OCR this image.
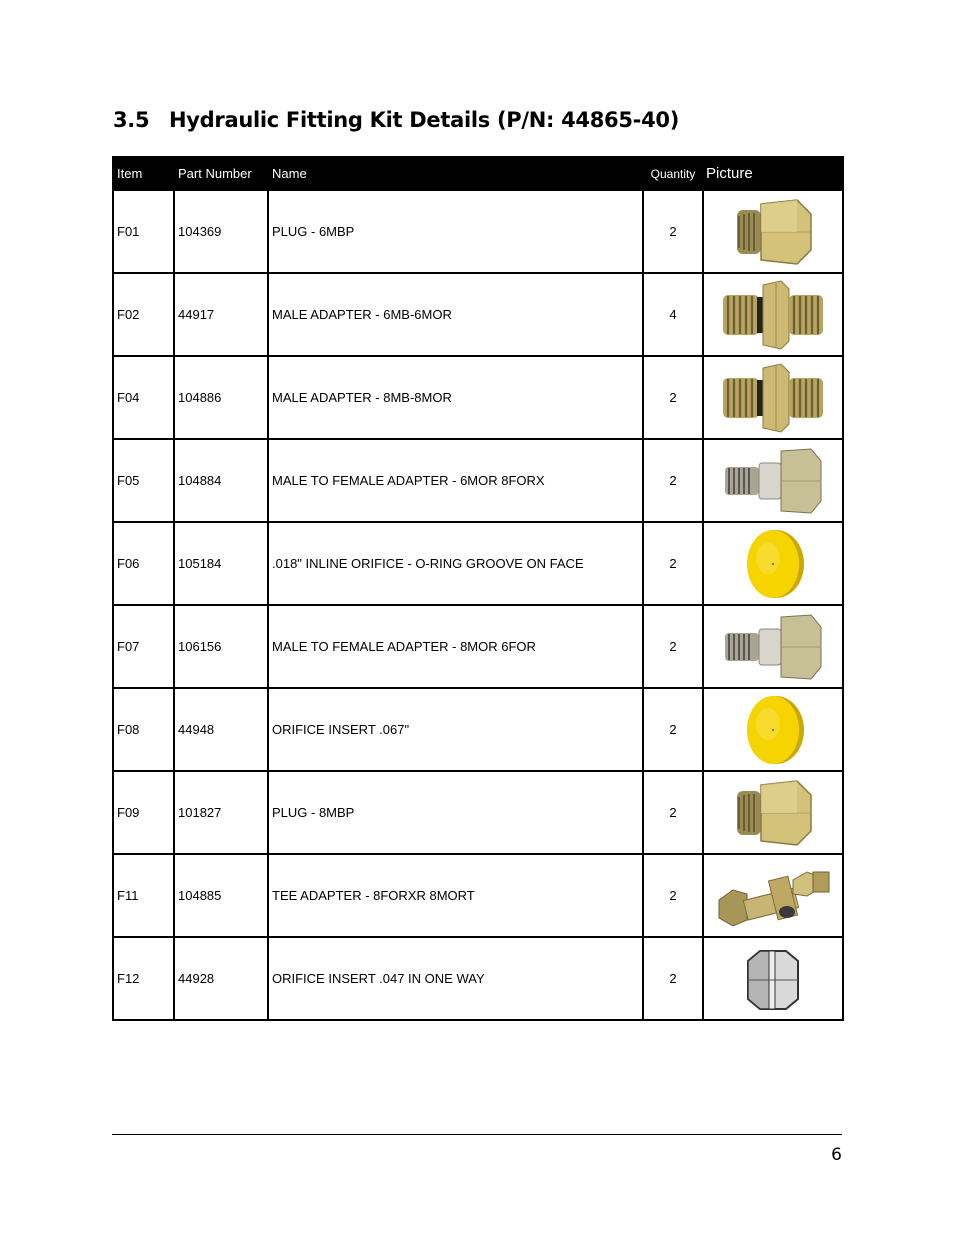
3.5 Hydraulic Fitting Kit Details (P/N: 44865-40)
Item	Part Number	Name	Quantity	Picture
F01	104369	PLUG - 6MBP	2	

F02	44917	MALE ADAPTER - 6MB-6MOR	4	

F04	104886	MALE ADAPTER - 8MB-8MOR	2	

F05	104884	MALE TO FEMALE ADAPTER - 6MOR 8FORX	2	

F06	105184	.018" INLINE ORIFICE - O-RING GROOVE ON FACE	2	

F07	106156	MALE TO FEMALE ADAPTER - 8MOR 6FOR	2	

F08	44948	ORIFICE INSERT .067"	2	

F09	101827	PLUG - 8MBP	2	

F11	104885	TEE ADAPTER - 8FORXR 8MORT	2	

F12	44928	ORIFICE INSERT .047 IN ONE WAY	2	
6
